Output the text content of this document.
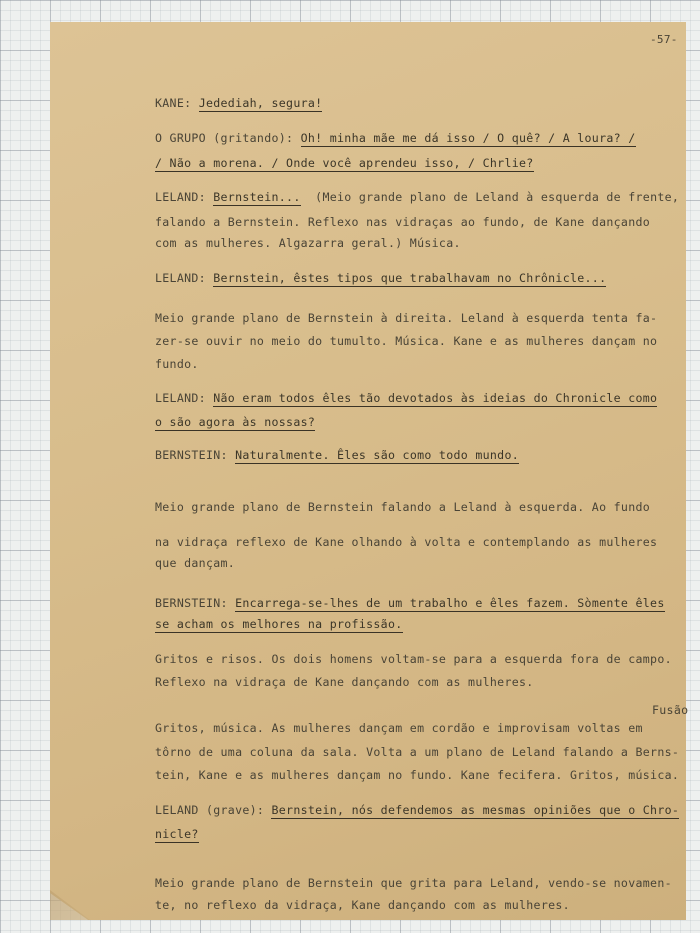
-57-
KANE: Jedediah, segura!
O GRUPO (gritando): Oh! minha mãe me dá isso / O quê? / A loura? /
/ Não a morena. / Onde você aprendeu isso, / Chrlie?
LELAND: Bernstein...  (Meio grande plano de Leland à esquerda de frente,
falando a Bernstein. Reflexo nas vidraças ao fundo, de Kane dançando
com as mulheres. Algazarra geral.) Música.
LELAND: Bernstein, êstes tipos que trabalhavam no Chrônicle...
Meio grande plano de Bernstein à direita. Leland à esquerda tenta fa-
zer-se ouvir no meio do tumulto. Música. Kane e as mulheres dançam no
fundo.
LELAND: Não eram todos êles tão devotados às ideias do Chronicle como
o são agora às nossas?
BERNSTEIN: Naturalmente. Êles são como todo mundo.
Meio grande plano de Bernstein falando a Leland à esquerda. Ao fundo
na vidraça reflexo de Kane olhando à volta e contemplando as mulheres
que dançam.
BERNSTEIN: Encarrega-se-lhes de um trabalho e êles fazem. Sòmente êles
se acham os melhores na profissão.
Gritos e risos. Os dois homens voltam-se para a esquerda fora de campo.
Reflexo na vidraça de Kane dançando com as mulheres.
Fusão
Gritos, música. As mulheres dançam em cordão e improvisam voltas em
tôrno de uma coluna da sala. Volta a um plano de Leland falando a Berns-
tein, Kane e as mulheres dançam no fundo. Kane fecifera. Gritos, música.
LELAND (grave): Bernstein, nós defendemos as mesmas opiniões que o Chro-
nicle?
Meio grande plano de Bernstein que grita para Leland, vendo-se novamen-
te, no reflexo da vidraça, Kane dançando com as mulheres.
